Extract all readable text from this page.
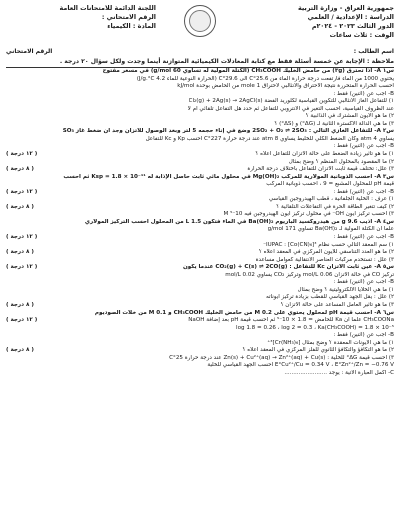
جمهورية العراق - وزارة التربية
الدراسة : الإعدادية / العلمي
الدور الثالث ٢٠٢٣ - ٢٠٢٤م
الوقت : ثلاث ساعات
اللجنة الدائمة للامتحانات العامة
الرقم الامتحاني :
المادة : الكيمياء
اسم الطالب :
الرقم الامتحاني
ملاحظة : الإجابة عن خمسة أسئلة فقط مع كتابة المعادلات الكيميائية المتوازنة أينما وجدت ولكل سؤال ٢٠ درجة .
س١ A- اذا تحترق (٣g) من حامض الخليك CH₃COOH (الكتلة المولية له تساوي 60 g/mol) في مسعر مفتوح
يحتوي 1000 من الماء فارتفعت درجة حرارة الماء من 25.6°C الى 29.6°C (الحرارة النوعية للماء 4.2 J/g.°C)
احسب الحرارة المتحررة نتيجة الاحتراق والأنثالبي لاحتراق 1 mole من الحامض بوحدة kJ/mol
B- أجب عن (اثنين) فقط :
١) للتفاعل الغاز الأنثالبي للتكوين القياسية لكلوريد الفضة Cl₂(g) + 2Ag(s) → 2AgCl(s)
عند الظروف القياسية، احسب التغير في الانتروبي للتفاعل ثم حدد هل التفاعل تلقائي أم لا
٢) ما هو الأيون المشترك في الذائبية ؟
٣) ما هي الدالة الاكسترة الثانية لـ (ΔG°) و (ΔS°) ؟
س٢ A- للتفاعل الغازي التالي : 2SO₂ + O₂ ⇌ 2SO₃ وضع في إناء حجمه 5 لتر وبعد الوصول للاتزان وجد أن ضغط غاز SO₃
يساوي 4 atm وكان الضغط الكلي للخليط يساوي 8 atm عند درجة حرارة 227°C احسب Kp و Kc للتفاعل
B- أجب عن (اثنين) فقط :
١) ما هو تأثير زيادة الضغط على حالة الاتزان للتفاعل أعلاه ؟
( ١٢ درجة )
٢) ما المقصود بالمحلول المنظم ؟ وضح بمثال
٣) علل: تختلف قيمة ثابت الاتزان للتفاعل باختلاف درجة الحرارة
( ٨ درجة )
س٣ A- احسب الذوبانية المولارية للمركب Mg(OH)₂ في محلول مائي ثابت حاصل الإذابة له Ksp = 1.8 × 10⁻¹¹ ثم احسب
قيمة pH للمحلول المشبع = 9 ، احسب ذوبانية المركب
B- أجب عن (اثنين) فقط :
( ١٢ درجة )
١) عرف : الخلية الجلفانية ، قطب الهيدروجين القياسي
٢) كيف تتغير الطاقة الحرة في التفاعلات التلقائية ؟
( ٨ درجة )
٣) احسب تركيز أيون OH⁻ في محلول تركيز أيون الهيدروجين فيه 10⁻⁵ M
س٤ A- اذيب 9.6 g من هيدروكسيد الباريوم Ba(OH)₂ في الماء فتكون 1.5 L من المحلول احسب التركيز المولاري
علما أن الكتلة المولية لـ Ba(OH)₂ تساوي 171 g/mol
B- أجب عن (اثنين) فقط :
( ١٢ درجة )
١) سم المعقد التالي حسب نظام IUPAC : [Co(CN)₆]³⁻
٢) ما هو العدد التناسقي للأيون المركزي في المعقد أعلاه ؟
( ٨ درجة )
٣) علل : تستخدم مركبات العناصر الانتقالية كعوامل مساعدة
س٥ A- عين ثابت الاتزان Kc للتفاعل : CO₂(g) + C(s) ⇌ 2CO(g) عندما يكون
( ١٢ درجة )
تركيز CO في حالة الاتزان 0.06 mol/L وتركيز CO₂ يساوي 0.02 mol/L
B- أجب عن (اثنين) فقط :
١) ما هي الخلايا الالكتروليتية ؟ وضح بمثال
٢) علل : يقل الجهد القياسي للقطب بزيادة تركيز أيوناته
٣) ما هو تأثير العامل المساعد على حالة الاتزان ؟
( ٨ درجة )
س٦ A- احسب قيمة pH لمحلول يحتوي على 0.2 M من حامض الخليك CH₃COOH و 0.1 M من خلات الصوديوم
CH₃COONa علما أن Ka للحامض = 1.8 × 10⁻⁵ ثم احسب قيمة pH بعد إضافة NaOH
( ١٢ درجة )
log 1.8 = 0.26 ، log 2 = 0.3 ، Ka(CH₃COOH) = 1.8 × 10⁻⁵
B- أجب عن (اثنين) فقط :
١) ما هي الأيونات المعقدة ؟ وضح بمثال [Cr(NH₃)₆]³⁺
٢) ما هو التكافؤ والتكافؤ الثانوي للفلز المركزي في المعقد أعلاه ؟
( ٨ درجة )
٣) احسب قيمة ΔG° للخلية : Zn(s) + Cu²⁺(aq) → Zn²⁺(aq) + Cu(s) عند درجة حرارة 25°C
E°Cu²⁺/Cu = 0.34 V ، E°Zn²⁺/Zn = −0.76 V أحسب الجهد القياسي للخلية
C- أكمل العبارة الآتية : يوجد ........................
